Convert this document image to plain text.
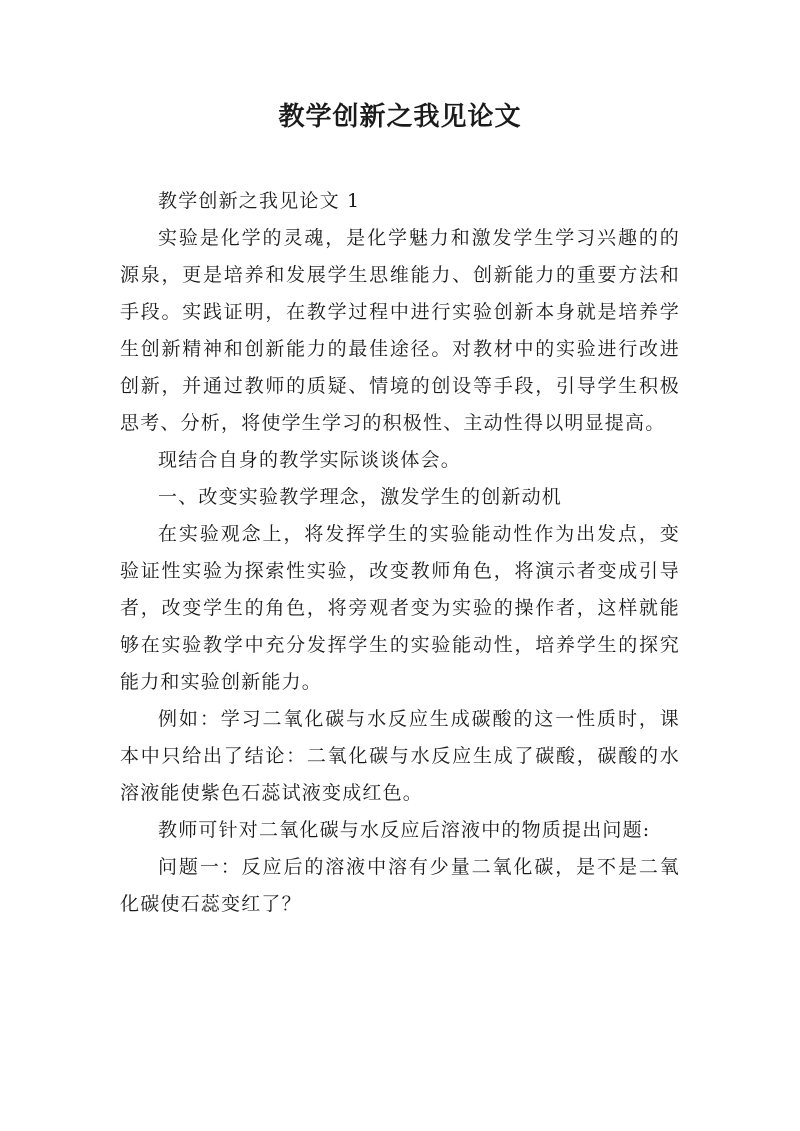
教学创新之我见论文

教学创新之我见论文 1

实验是化学的灵魂，是化学魅力和激发学生学习兴趣的的源泉，更是培养和发展学生思维能力、创新能力的重要方法和手段。实践证明，在教学过程中进行实验创新本身就是培养学生创新精神和创新能力的最佳途径。对教材中的实验进行改进创新，并通过教师的质疑、情境的创设等手段，引导学生积极思考、分析，将使学生学习的积极性、主动性得以明显提高。

现结合自身的教学实际谈谈体会。

一、改变实验教学理念，激发学生的创新动机

在实验观念上，将发挥学生的实验能动性作为出发点，变验证性实验为探索性实验，改变教师角色，将演示者变成引导者，改变学生的角色，将旁观者变为实验的操作者，这样就能够在实验教学中充分发挥学生的实验能动性，培养学生的探究能力和实验创新能力。

例如：学习二氧化碳与水反应生成碳酸的这一性质时，课本中只给出了结论：二氧化碳与水反应生成了碳酸，碳酸的水溶液能使紫色石蕊试液变成红色。

教师可针对二氧化碳与水反应后溶液中的物质提出问题:

问题一：反应后的溶液中溶有少量二氧化碳，是不是二氧化碳使石蕊变红了？
